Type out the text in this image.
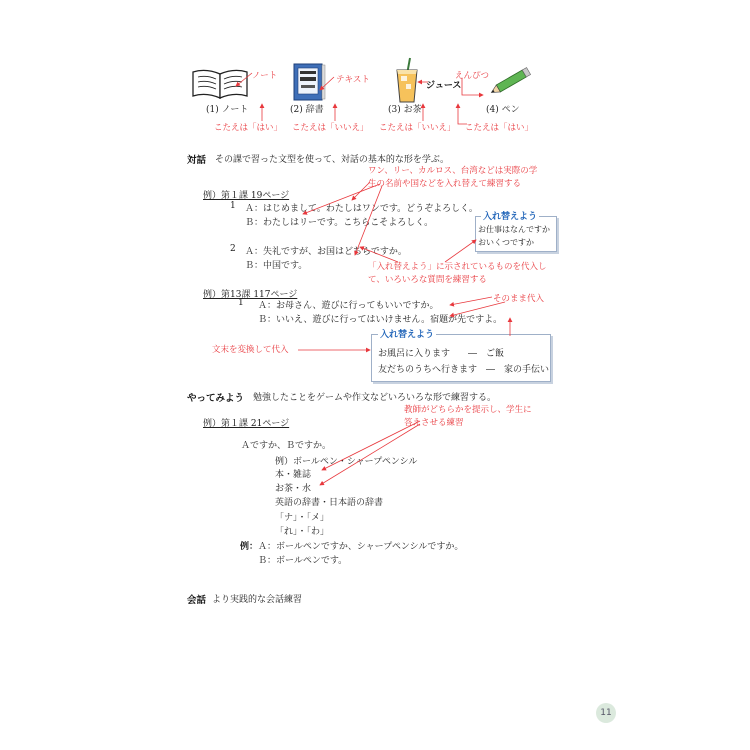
ノート	テキスト
ジュース
えんぴつ
(1) ノート	(2) 辞書	(3) お茶	(4) ペン
こたえは「はい」 こたえは「いいえ」 こたえは「いいえ」 こたえは「はい」
対話 その課で習った文型を使って、対話の基本的な形を学ぶ。
ワン、リー、カルロス、台湾などは実際の学
生の名前や国などを入れ替えて練習する
例）第１課 19ページ
1 Ａ：はじめまして。わたしはワンです。どうぞよろしく。
Ｂ：わたしはリーです。こちらこそよろしく。
入れ替えよう
お仕事はなんですか
おいくつですか
2 Ａ：失礼ですが、お国はどちらですか。
Ｂ：中国です。	「入れ替えよう」に示されているものを代入し
て、いろいろな質問を練習する
例）第13課 117ページ
1 Ａ：お母さん、遊びに行ってもいいですか。
Ｂ：いいえ、遊びに行ってはいけません。宿題が先ですよ。
そのまま代入
文末を変換して代入
入れ替えよう
お風呂に入ります　　―　ご飯
友だちのうちへ行きます　―　家の手伝い
やってみよう 勉強したことをゲームや作文などいろいろな形で練習する。
教師がどちらかを提示し、学生に
答えさせる練習
例）第１課 21ページ
Ａですか、Ｂですか。
例）ボールペン・シャープペンシル
本・雑誌
お茶・水
英語の辞書・日本語の辞書
「ナ」・「メ」
「れ」・「わ」
例： Ａ：ボールペンですか、シャープペンシルですか。
Ｂ：ボールペンです。
会話 より実践的な会話練習
11
